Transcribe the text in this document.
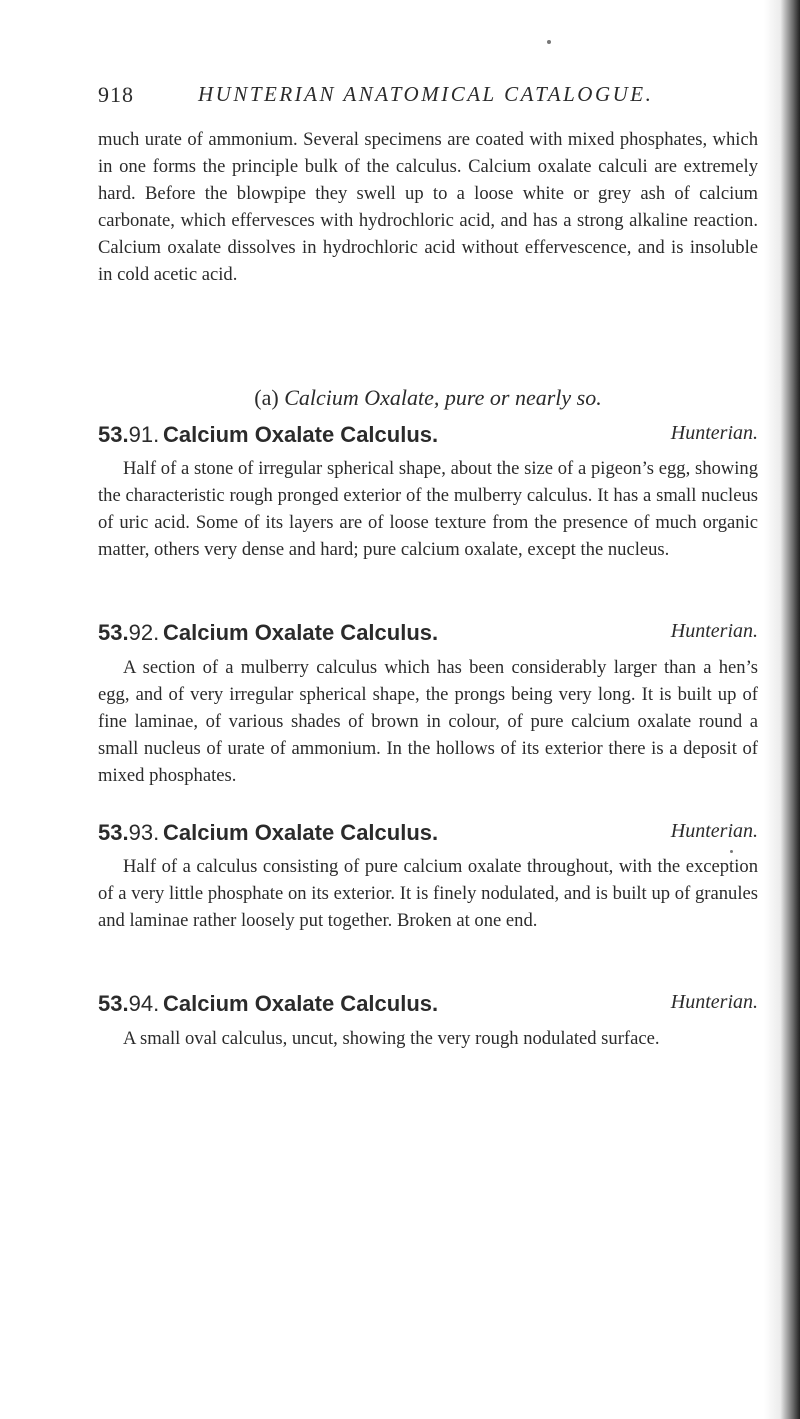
918	HUNTERIAN ANATOMICAL CATALOGUE.

much urate of ammonium. Several specimens are coated with mixed phosphates, which in one forms the principle bulk of the calculus. Calcium oxalate calculi are extremely hard. Before the blowpipe they swell up to a loose white or grey ash of calcium carbonate, which effervesces with hydrochloric acid, and has a strong alkaline reaction. Calcium oxalate dissolves in hydrochloric acid without effervescence, and is insoluble in cold acetic acid.

(a) Calcium Oxalate, pure or nearly so.

53.91. Calcium Oxalate Calculus.	Hunterian.

Half of a stone of irregular spherical shape, about the size of a pigeon’s egg, showing the characteristic rough pronged exterior of the mulberry calculus. It has a small nucleus of uric acid. Some of its layers are of loose texture from the presence of much organic matter, others very dense and hard; pure calcium oxalate, except the nucleus.

53.92. Calcium Oxalate Calculus.	Hunterian.

A section of a mulberry calculus which has been considerably larger than a hen’s egg, and of very irregular spherical shape, the prongs being very long. It is built up of fine laminae, of various shades of brown in colour, of pure calcium oxalate round a small nucleus of urate of ammonium. In the hollows of its exterior there is a deposit of mixed phosphates.

53.93. Calcium Oxalate Calculus.	Hunterian.

Half of a calculus consisting of pure calcium oxalate throughout, with the exception of a very little phosphate on its exterior. It is finely nodulated, and is built up of granules and laminae rather loosely put together. Broken at one end.

53.94. Calcium Oxalate Calculus.	Hunterian.

A small oval calculus, uncut, showing the very rough nodulated surface.
